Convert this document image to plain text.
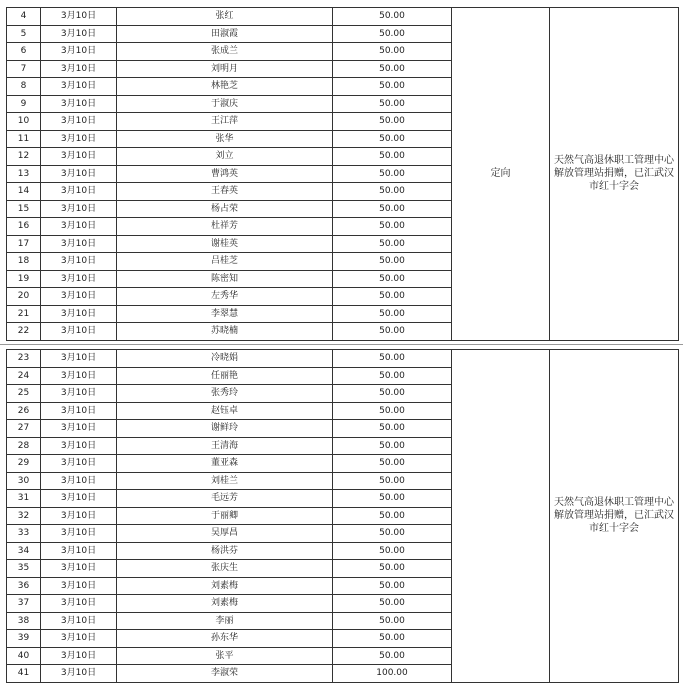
4	3月10日	张红	50.00	定向	天然气高退休职工管理中心解放管理站捐赠，已汇武汉市红十字会
5	3月10日	田淑霞	50.00		
6	3月10日	张成兰	50.00		
7	3月10日	刘明月	50.00		
8	3月10日	林艳芝	50.00		
9	3月10日	于淑庆	50.00		
10	3月10日	王江萍	50.00		
11	3月10日	张华	50.00		
12	3月10日	刘立	50.00		
13	3月10日	曹鸿英	50.00		
14	3月10日	王春英	50.00		
15	3月10日	杨占荣	50.00		
16	3月10日	杜祥芳	50.00		
17	3月10日	谢桂英	50.00		
18	3月10日	吕桂芝	50.00		
19	3月10日	陈密知	50.00		
20	3月10日	左秀华	50.00		
21	3月10日	李翠慧	50.00		
22	3月10日	苏晓楠	50.00		
23	3月10日	冷晓娟	50.00		天然气高退休职工管理中心解放管理站捐赠，已汇武汉市红十字会
24	3月10日	任丽艳	50.00		
25	3月10日	张秀玲	50.00		
26	3月10日	赵钰卓	50.00		
27	3月10日	谢鲜玲	50.00		
28	3月10日	王清海	50.00		
29	3月10日	董亚森	50.00		
30	3月10日	刘桂兰	50.00		
31	3月10日	毛远芳	50.00		
32	3月10日	于丽卿	50.00		
33	3月10日	吴厚昌	50.00		
34	3月10日	杨洪芬	50.00		
35	3月10日	张庆生	50.00		
36	3月10日	刘素梅	50.00		
37	3月10日	刘素梅	50.00		
38	3月10日	李丽	50.00		
39	3月10日	孙东华	50.00		
40	3月10日	张平	50.00		
41	3月10日	李淑荣	100.00		
